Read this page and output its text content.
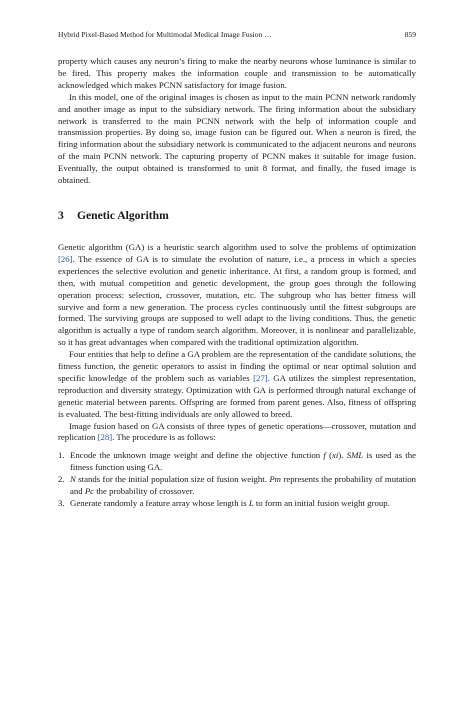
Hybrid Pixel-Based Method for Multimodal Medical Image Fusion …	859

property which causes any neuron’s firing to make the nearby neurons whose luminance is similar to be fired. This property makes the information couple and transmission to be automatically acknowledged which makes PCNN satisfactory for image fusion.

In this model, one of the original images is chosen as input to the main PCNN network randomly and another image as input to the subsidiary network. The firing information about the subsidiary network is transferred to the main PCNN network with the help of information couple and transmission properties. By doing so, image fusion can be figured out. When a neuron is fired, the firing information about the subsidiary network is communicated to the adjacent neurons and neurons of the main PCNN network. The capturing property of PCNN makes it suitable for image fusion. Eventually, the output obtained is transformed to unit 8 format, and finally, the fused image is obtained.

3 Genetic Algorithm

Genetic algorithm (GA) is a heuristic search algorithm used to solve the problems of optimization [26]. The essence of GA is to simulate the evolution of nature, i.e., a process in which a species experiences the selective evolution and genetic inheritance. At first, a random group is formed, and then, with mutual competition and genetic development, the group goes through the following operation process: selection, crossover, mutation, etc. The subgroup who has better fitness will survive and form a new generation. The process cycles continuously until the fittest subgroups are formed. The surviving groups are supposed to well adapt to the living conditions. Thus, the genetic algorithm is actually a type of random search algorithm. Moreover, it is nonlinear and parallelizable, so it has great advantages when compared with the traditional optimization algorithm.

Four entities that help to define a GA problem are the representation of the candidate solutions, the fitness function, the genetic operators to assist in finding the optimal or near optimal solution and specific knowledge of the problem such as variables [27]. GA utilizes the simplest representation, reproduction and diversity strategy. Optimization with GA is performed through natural exchange of genetic material between parents. Offspring are formed from parent genes. Also, fitness of offspring is evaluated. The best-fitting individuals are only allowed to breed.

Image fusion based on GA consists of three types of genetic operations—crossover, mutation and replication [28]. The procedure is as follows:

1. Encode the unknown image weight and define the objective function f (xi). SML is used as the fitness function using GA.
2. N stands for the initial population size of fusion weight. Pm represents the probability of mutation and Pc the probability of crossover.
3. Generate randomly a feature array whose length is L to form an initial fusion weight group.
